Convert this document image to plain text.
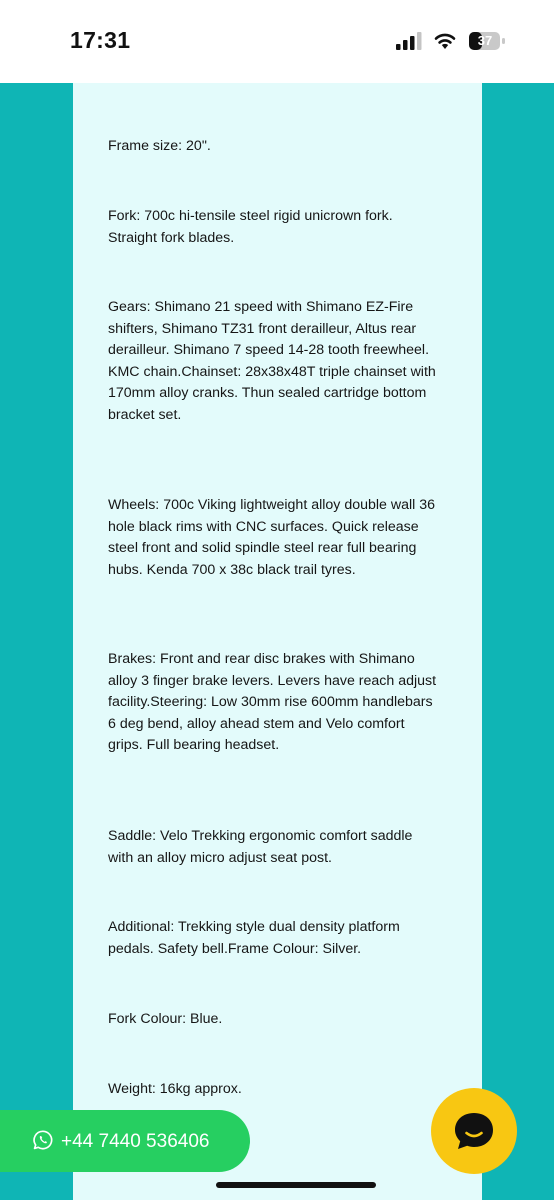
17:31	37

Frame size: 20".

Fork: 700c hi-tensile steel rigid unicrown fork. Straight fork blades.

Gears: Shimano 21 speed with Shimano EZ-Fire shifters, Shimano TZ31 front derailleur, Altus rear derailleur. Shimano 7 speed 14-28 tooth freewheel. KMC chain.Chainset: 28x38x48T triple chainset with 170mm alloy cranks. Thun sealed cartridge bottom bracket set.

Wheels: 700c Viking lightweight alloy double wall 36 hole black rims with CNC surfaces. Quick release steel front and solid spindle steel rear full bearing hubs. Kenda 700 x 38c black trail tyres.

Brakes: Front and rear disc brakes with Shimano alloy 3 finger brake levers. Levers have reach adjust facility.Steering: Low 30mm rise 600mm handlebars 6 deg bend, alloy ahead stem and Velo comfort grips. Full bearing headset.

Saddle: Velo Trekking ergonomic comfort saddle with an alloy micro adjust seat post.

Additional: Trekking style dual density platform pedals. Safety bell.Frame Colour: Silver.

Fork Colour: Blue.

Weight: 16kg approx.

+44 7440 536406
